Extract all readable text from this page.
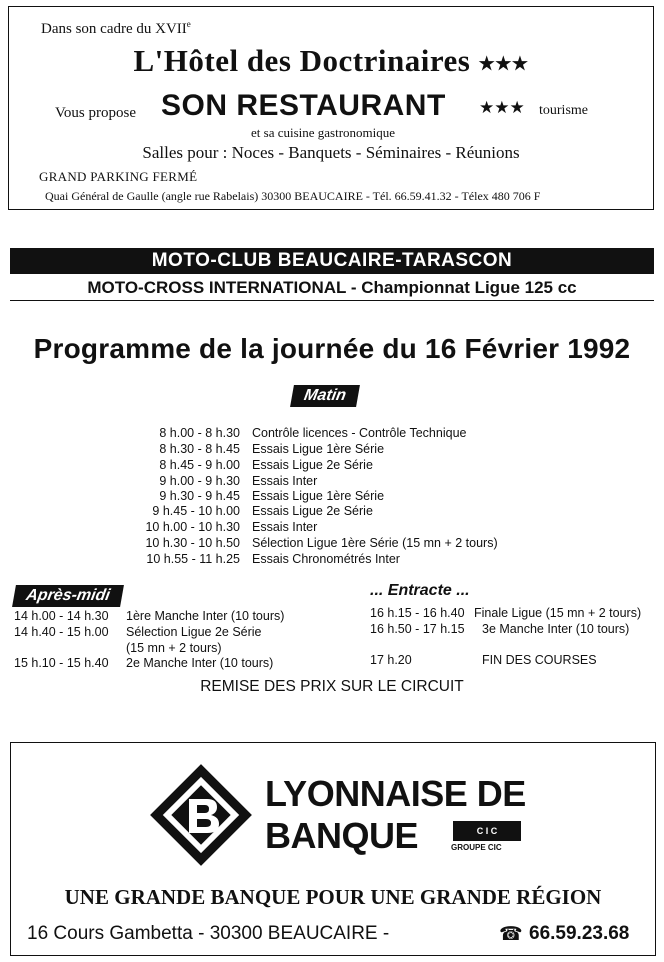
Dans son cadre du XVIIe
L'Hôtel des Doctrinaires ★★★
Vous propose SON RESTAURANT ★★★ tourisme
et sa cuisine gastronomique
Salles pour : Noces - Banquets - Séminaires - Réunions
GRAND PARKING FERMÉ
Quai Général de Gaulle (angle rue Rabelais) 30300 BEAUCAIRE - Tél. 66.59.41.32 - Télex 480 706 F
MOTO-CLUB BEAUCAIRE-TARASCON
MOTO-CROSS INTERNATIONAL - Championnat Ligue 125 cc
Programme de la journée du 16 Février 1992
Matin
8 h.00 - 8 h.30 Contrôle licences - Contrôle Technique
8 h.30 - 8 h.45 Essais Ligue 1ère Série
8 h.45 - 9 h.00 Essais Ligue 2e Série
9 h.00 - 9 h.30 Essais Inter
9 h.30 - 9 h.45 Essais Ligue 1ère Série
9 h.45 - 10 h.00 Essais Ligue 2e Série
10 h.00 - 10 h.30 Essais Inter
10 h.30 - 10 h.50 Sélection Ligue 1ère Série (15 mn + 2 tours)
10 h.55 - 11 h.25 Essais Chronométrés Inter
Après-midi
14 h.00 - 14 h.30 1ère Manche Inter (10 tours)
14 h.40 - 15 h.00 Sélection Ligue 2e Série
(15 mn + 2 tours)
15 h.10 - 15 h.40 2e Manche Inter (10 tours)
... Entracte ...
16 h.15 - 16 h.40 Finale Ligue (15 mn + 2 tours)
16 h.50 - 17 h.15 3e Manche Inter (10 tours)
17 h.20	FIN DES COURSES
REMISE DES PRIX SUR LE CIRCUIT
LYONNAISE DE
BANQUE	C I C
GROUPE CIC
UNE GRANDE BANQUE POUR UNE GRANDE RÉGION
16 Cours Gambetta - 30300 BEAUCAIRE -	☎ 66.59.23.68
